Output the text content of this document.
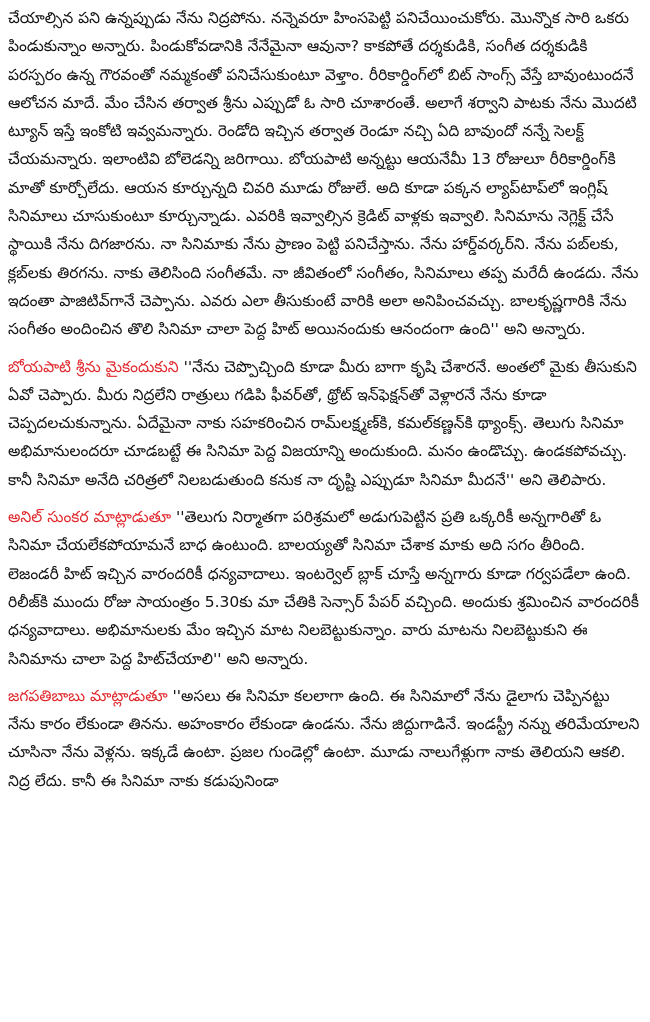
చేయాల్సిన పని ఉన్నప్పుడు నేను నిద్రపోను. నన్నెవరూ హింసపెట్టి పనిచేయించుకోరు. మొన్నొక సారి ఒకరు పిండుకున్నాం అన్నారు. పిండుకోవడానికి నేనేమైనా ఆవునా? కాకపోతే దర్శకుడికి, సంగీత దర్శకుడికి పరస్పరం ఉన్న గౌరవంతో నమ్మకంతో పనిచేసుకుంటూ వెళ్తాం. రీరికార్డింగ్‌లో బిట్ సాంగ్స్ వేస్తే బావుంటుందనే ఆలోచన మాదే. మేం చేసిన తర్వాత శ్రీను ఎప్పుడో ఓ సారి చూశారంతే. అలాగే శర్వాని పాటకు నేను మొదటి ట్యూన్ ఇస్తే ఇంకోటి ఇవ్వమన్నారు. రెండోది ఇచ్చిన తర్వాత రెండూ నచ్చి ఏది బావుందో నన్నే సెలక్ట్ చేయమన్నారు. ఇలాంటివి బోలెడన్ని జరిగాయి. బోయపాటి అన్నట్టు ఆయనేమీ 13 రోజులూ రీరికార్డింగ్‌కి మాతో కూర్చోలేదు. ఆయన కూర్చున్నది చివరి మూడు రోజులే. అది కూడా పక్కన ల్యాప్‌టాప్‌లో ఇంగ్లిష్ సినిమాలు చూసుకుంటూ కూర్చున్నాడు. ఎవరికి ఇవ్వాల్సిన క్రెడిట్ వాళ్లకు ఇవ్వాలి. సినిమాను నెగ్లెక్ట్ చేసే స్థాయికి నేను దిగజారను. నా సినిమాకు నేను ప్రాణం పెట్టి పనిచేస్తాను. నేను హార్డ్‌వర్కర్‌ని. నేను పబ్‌లకు, క్లబ్‌లకు తిరగను. నాకు తెలిసింది సంగీతమే. నా జీవితంలో సంగీతం, సినిమాలు తప్ప మరేదీ ఉండదు. నేను ఇదంతా పాజిటివ్‌గానే చెప్పాను. ఎవరు ఎలా తీసుకుంటే వారికి అలా అనిపించవచ్చు. బాలకృష్ణగారికి నేను సంగీతం అందించిన తొలి సినిమా చాలా పెద్ద హిట్ అయినందుకు ఆనందంగా ఉంది'' అని అన్నారు.

బోయపాటి శ్రీను మైకందుకుని ''నేను చెప్పొచ్చింది కూడా మీరు బాగా కృషి చేశారనే. అంతలో మైకు తీసుకుని ఏవో చెప్పారు. మీరు నిద్రలేని రాత్రులు గడిపి ఫీవర్‌తో, థ్రోట్ ఇన్‌ఫెక్షన్‌తో వెళ్లారనే నేను కూడా చెప్పదలచుకున్నాను. ఏదేమైనా నాకు సహకరించిన రామ్‌లక్ష్మణ్‌కి, కమల్‌కణ్ణన్‌కి థ్యాంక్స్. తెలుగు సినిమా అభిమానులందరూ చూడబట్టే ఈ సినిమా పెద్ద విజయాన్ని అందుకుంది. మనం ఉండొచ్చు. ఉండకపోవచ్చు. కానీ సినిమా అనేది చరిత్రలో నిలబడుతుంది కనుక నా దృష్టి ఎప్పుడూ సినిమా మీదనే'' అని తెలిపారు.

అనిల్ సుంకర మాట్లాడుతూ ''తెలుగు నిర్మాతగా పరిశ్రమలో అడుగుపెట్టిన ప్రతి ఒక్కరికీ అన్నగారితో ఓ సినిమా చేయలేకపోయామనే బాధ ఉంటుంది. బాలయ్యతో సినిమా చేశాక మాకు అది సగం తీరింది. లెజండరీ హిట్ ఇచ్చిన వారందరికీ ధన్యవాదాలు. ఇంటర్వెల్ బ్లాక్ చూస్తే అన్నగారు కూడా గర్వపడేలా ఉంది. రిలీజ్‌కి ముందు రోజు సాయంత్రం 5.30కు మా చేతికి సెన్సార్ పేపర్ వచ్చింది. అందుకు శ్రమించిన వారందరికీ ధన్యవాదాలు. అభిమానులకు మేం ఇచ్చిన మాట నిలబెట్టుకున్నాం. వారు మాటను నిలబెట్టుకుని ఈ సినిమాను చాలా పెద్ద హిట్‌చేయాలి'' అని అన్నారు.

జగపతిబాబు మాట్లాడుతూ ''అసలు ఈ సినిమా కలలాగా ఉంది. ఈ సినిమాలో నేను డైలాగు చెప్పినట్టు నేను కారం లేకుండా తినను. అహంకారం లేకుండా ఉండను. నేను జిద్దుగాడినే. ఇండస్ట్రీ నన్ను తరిమేయాలని చూసినా నేను వెళ్లను. ఇక్కడే ఉంటా. ప్రజల గుండెల్లో ఉంటా. మూడు నాలుగేళ్లుగా నాకు తెలియని ఆకలి. నిద్ర లేదు. కానీ ఈ సినిమా నాకు కడుపునిండా
